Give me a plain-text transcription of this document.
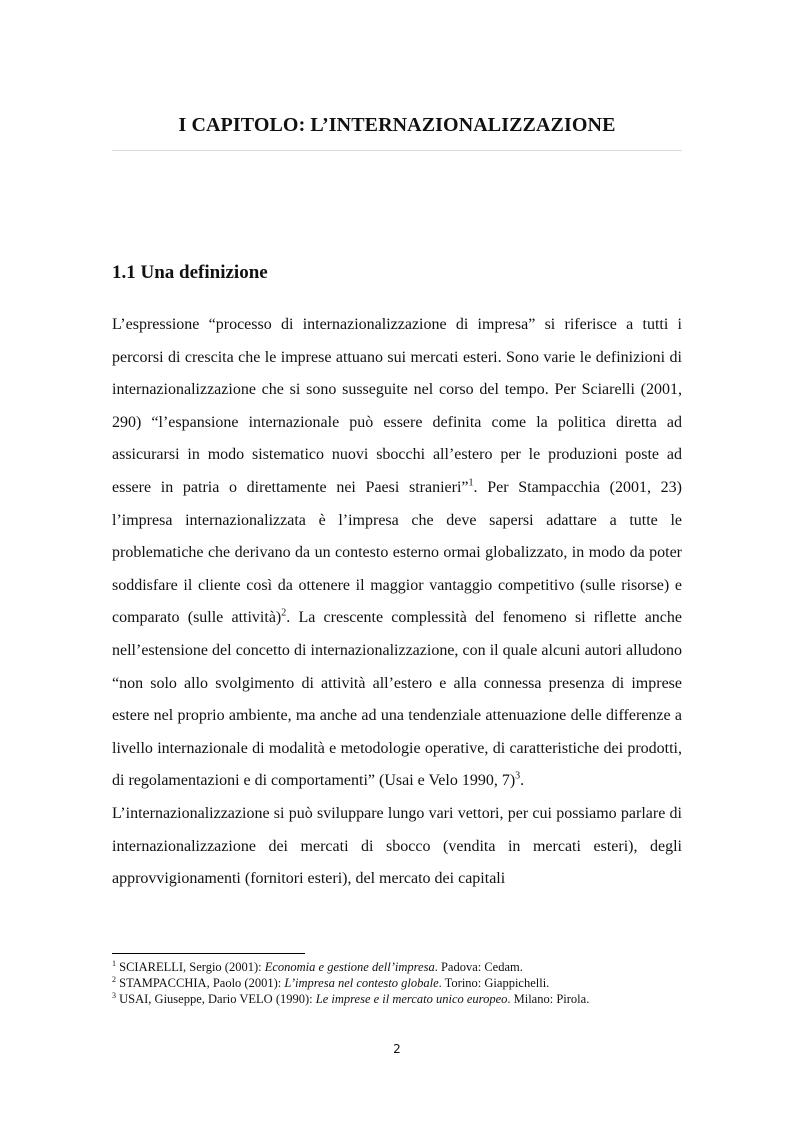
I CAPITOLO: L’INTERNAZIONALIZZAZIONE
1.1 Una definizione

L’espressione “processo di internazionalizzazione di impresa” si riferisce a tutti i percorsi di crescita che le imprese attuano sui mercati esteri. Sono varie le definizioni di internazionalizzazione che si sono susseguite nel corso del tempo. Per Sciarelli (2001, 290) “l’espansione internazionale può essere definita come la politica diretta ad assicurarsi in modo sistematico nuovi sbocchi all’estero per le produzioni poste ad essere in patria o direttamente nei Paesi stranieri”$^1$. Per Stampacchia (2001, 23) l’impresa internazionalizzata è l’impresa che deve sapersi adattare a tutte le problematiche che derivano da un contesto esterno ormai globalizzato, in modo da poter soddisfare il cliente così da ottenere il maggior vantaggio competitivo (sulle risorse) e comparato (sulle attività)$^2$. La crescente complessità del fenomeno si riflette anche nell’estensione del concetto di internazionalizzazione, con il quale alcuni autori alludono “non solo allo svolgimento di attività all’estero e alla connessa presenza di imprese estere nel proprio ambiente, ma anche ad una tendenziale attenuazione delle differenze a livello internazionale di modalità e metodologie operative, di caratteristiche dei prodotti, di regolamentazioni e di comportamenti” (Usai e Velo 1990, 7)$^3$.

L’internazionalizzazione si può sviluppare lungo vari vettori, per cui possiamo parlare di internazionalizzazione dei mercati di sbocco (vendita in mercati esteri), degli approvvigionamenti (fornitori esteri), del mercato dei capitali

$^1$ SCIARELLI, Sergio (2001): Economia e gestione dell’impresa. Padova: Cedam.
$^2$ STAMPACCHIA, Paolo (2001): L’impresa nel contesto globale. Torino: Giappichelli.
$^3$ USAI, Giuseppe, Dario VELO (1990): Le imprese e il mercato unico europeo. Milano: Pirola.
2
